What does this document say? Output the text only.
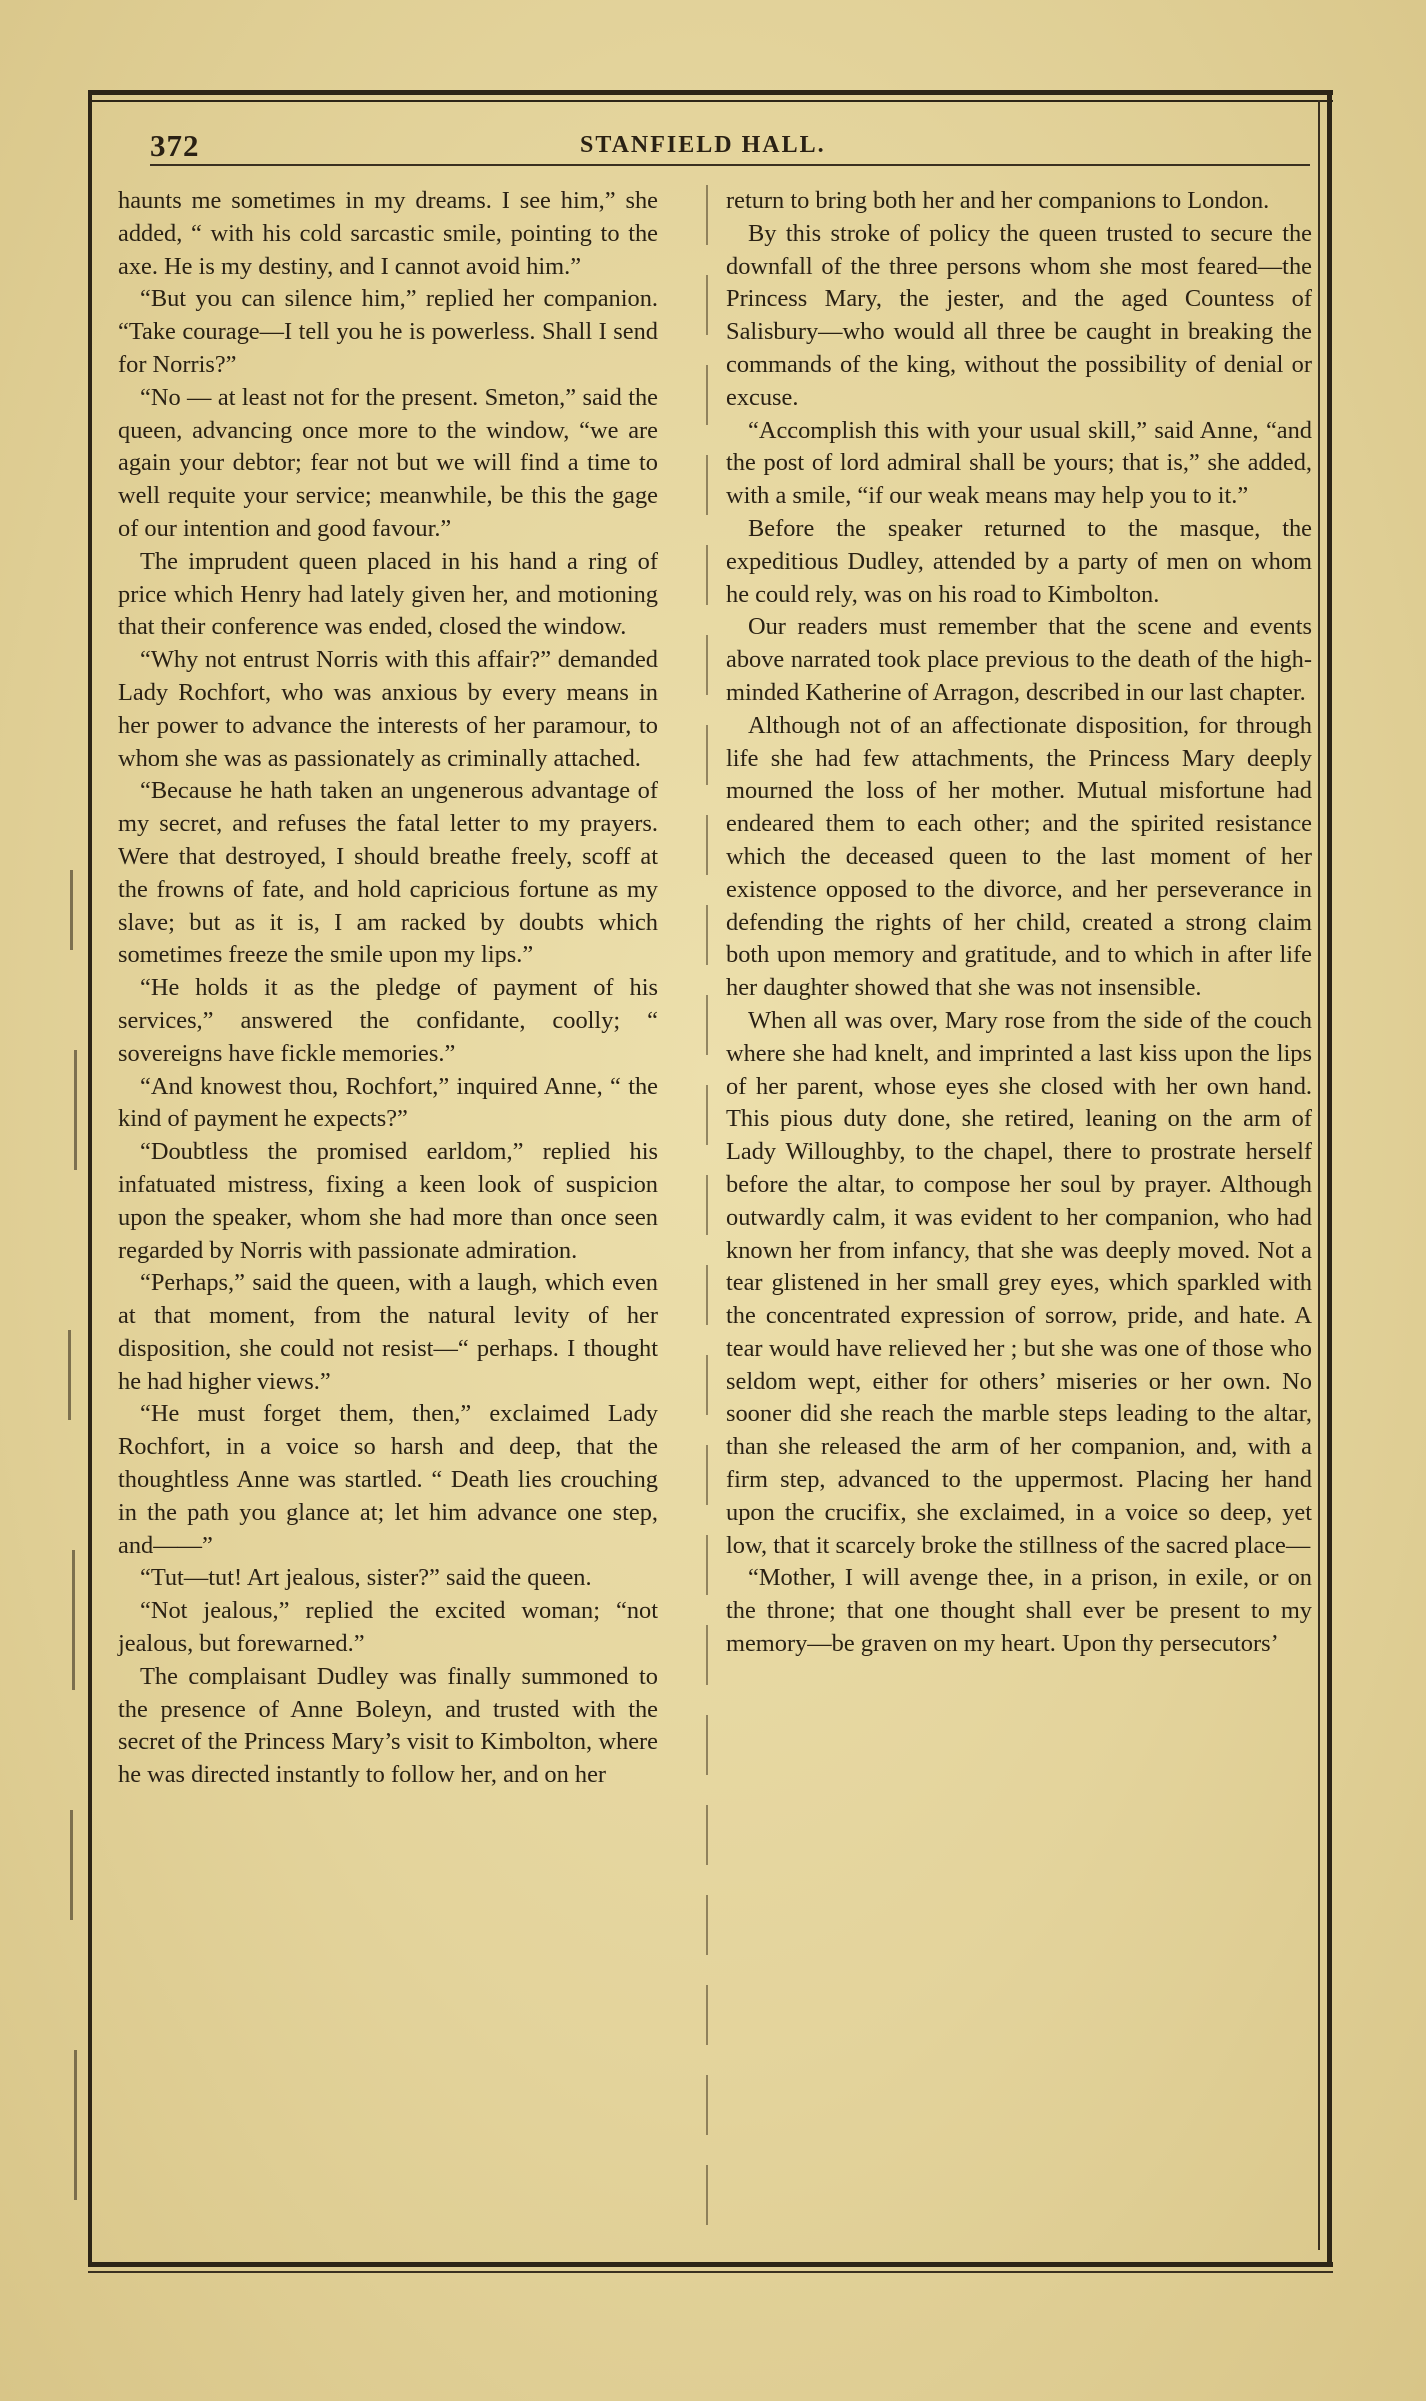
372	STANFIELD HALL.

haunts me sometimes in my dreams. I see him,” she added, “ with his cold sarcastic smile, pointing to the axe. He is my destiny, and I cannot avoid him.”

“But you can silence him,” replied her companion. “Take courage—I tell you he is powerless. Shall I send for Norris?”

“No — at least not for the present. Smeton,” said the queen, advancing once more to the window, “we are again your debtor; fear not but we will find a time to well requite your service; meanwhile, be this the gage of our intention and good favour.”

The imprudent queen placed in his hand a ring of price which Henry had lately given her, and motioning that their conference was ended, closed the window.

“Why not entrust Norris with this affair?” demanded Lady Rochfort, who was anxious by every means in her power to advance the interests of her paramour, to whom she was as passionately as criminally attached.

“Because he hath taken an ungenerous advantage of my secret, and refuses the fatal letter to my prayers. Were that destroyed, I should breathe freely, scoff at the frowns of fate, and hold capricious fortune as my slave; but as it is, I am racked by doubts which sometimes freeze the smile upon my lips.”

“He holds it as the pledge of payment of his services,” answered the confidante, coolly; “ sovereigns have fickle memories.”

“And knowest thou, Rochfort,” inquired Anne, “ the kind of payment he expects?”

“Doubtless the promised earldom,” replied his infatuated mistress, fixing a keen look of suspicion upon the speaker, whom she had more than once seen regarded by Norris with passionate admiration.

“Perhaps,” said the queen, with a laugh, which even at that moment, from the natural levity of her disposition, she could not resist—“ perhaps. I thought he had higher views.”

“He must forget them, then,” exclaimed Lady Rochfort, in a voice so harsh and deep, that the thoughtless Anne was startled. “ Death lies crouching in the path you glance at; let him advance one step, and——”

“Tut—tut! Art jealous, sister?” said the queen.

“Not jealous,” replied the excited woman; “not jealous, but forewarned.”

The complaisant Dudley was finally summoned to the presence of Anne Boleyn, and trusted with the secret of the Princess Mary’s visit to Kimbolton, where he was directed instantly to follow her, and on her

return to bring both her and her companions to London.

By this stroke of policy the queen trusted to secure the downfall of the three persons whom she most feared—the Princess Mary, the jester, and the aged Countess of Salisbury—who would all three be caught in breaking the commands of the king, without the possibility of denial or excuse.

“Accomplish this with your usual skill,” said Anne, “and the post of lord admiral shall be yours; that is,” she added, with a smile, “if our weak means may help you to it.”

Before the speaker returned to the masque, the expeditious Dudley, attended by a party of men on whom he could rely, was on his road to Kimbolton.

Our readers must remember that the scene and events above narrated took place previous to the death of the high-minded Katherine of Arragon, described in our last chapter.

Although not of an affectionate disposition, for through life she had few attachments, the Princess Mary deeply mourned the loss of her mother. Mutual misfortune had endeared them to each other; and the spirited resistance which the deceased queen to the last moment of her existence opposed to the divorce, and her perseverance in defending the rights of her child, created a strong claim both upon memory and gratitude, and to which in after life her daughter showed that she was not insensible.

When all was over, Mary rose from the side of the couch where she had knelt, and imprinted a last kiss upon the lips of her parent, whose eyes she closed with her own hand. This pious duty done, she retired, leaning on the arm of Lady Willoughby, to the chapel, there to prostrate herself before the altar, to compose her soul by prayer. Although outwardly calm, it was evident to her companion, who had known her from infancy, that she was deeply moved. Not a tear glistened in her small grey eyes, which sparkled with the concentrated expression of sorrow, pride, and hate. A tear would have relieved her ; but she was one of those who seldom wept, either for others’ miseries or her own. No sooner did she reach the marble steps leading to the altar, than she released the arm of her companion, and, with a firm step, advanced to the uppermost. Placing her hand upon the crucifix, she exclaimed, in a voice so deep, yet low, that it scarcely broke the stillness of the sacred place—

“Mother, I will avenge thee, in a prison, in exile, or on the throne; that one thought shall ever be present to my memory—be graven on my heart. Upon thy persecutors’
